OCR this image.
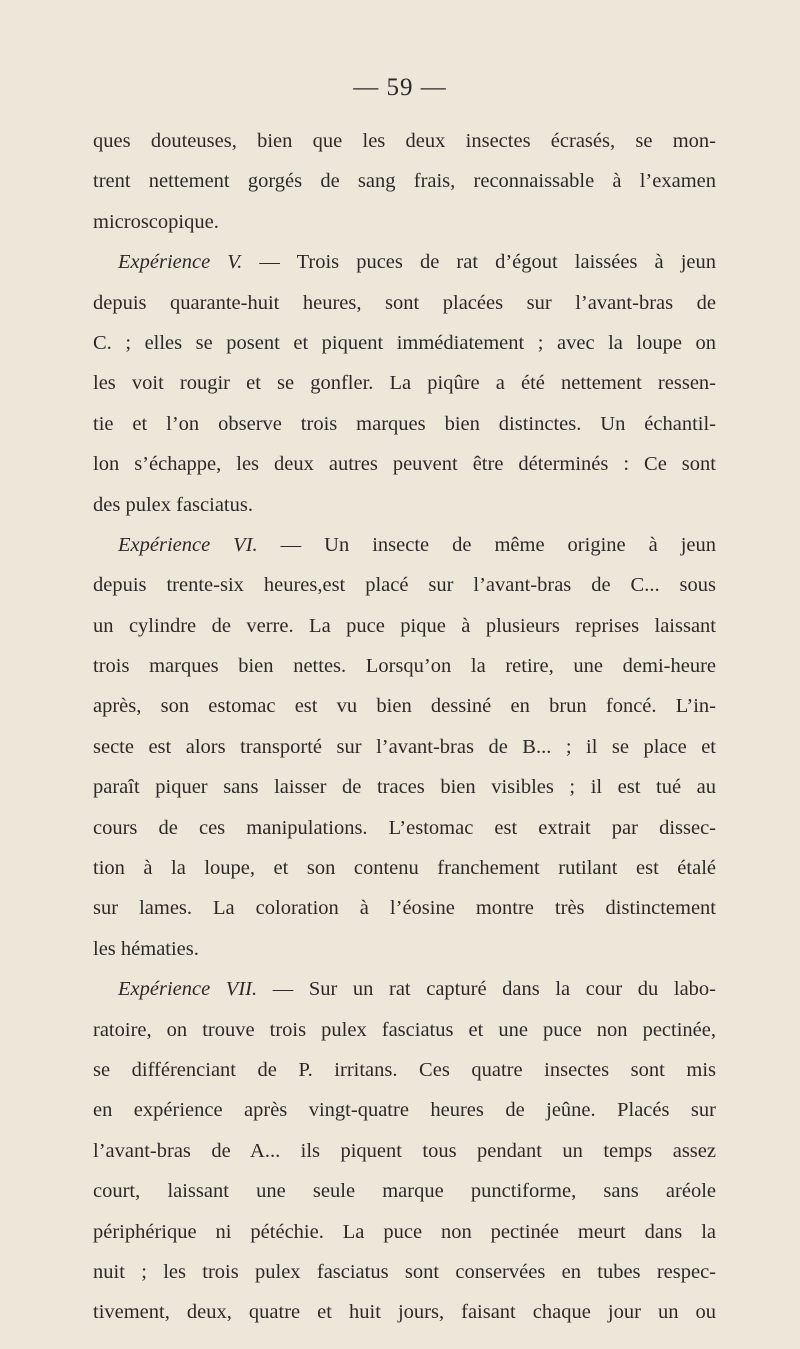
— 59 —
ques douteuses, bien que les deux insectes écrasés, se mon-
trent nettement gorgés de sang frais, reconnaissable à l’examen
microscopique.
Expérience V. — Trois puces de rat d’égout laissées à jeun
depuis quarante-huit heures, sont placées sur l’avant-bras de
C. ; elles se posent et piquent immédiatement ; avec la loupe on
les voit rougir et se gonfler. La piqûre a été nettement ressen-
tie et l’on observe trois marques bien distinctes. Un échantil-
lon s’échappe, les deux autres peuvent être déterminés : Ce sont
des pulex fasciatus.
Expérience VI. — Un insecte de même origine à jeun
depuis trente-six heures,est placé sur l’avant-bras de C... sous
un cylindre de verre. La puce pique à plusieurs reprises laissant
trois marques bien nettes. Lorsqu’on la retire, une demi-heure
après, son estomac est vu bien dessiné en brun foncé. L’in-
secte est alors transporté sur l’avant-bras de B... ; il se place et
paraît piquer sans laisser de traces bien visibles ; il est tué au
cours de ces manipulations. L’estomac est extrait par dissec-
tion à la loupe, et son contenu franchement rutilant est étalé
sur lames. La coloration à l’éosine montre très distinctement
les hématies.
Expérience VII. — Sur un rat capturé dans la cour du labo-
ratoire, on trouve trois pulex fasciatus et une puce non pectinée,
se différenciant de P. irritans. Ces quatre insectes sont mis
en expérience après vingt-quatre heures de jeûne. Placés sur
l’avant-bras de A... ils piquent tous pendant un temps assez
court, laissant une seule marque punctiforme, sans aréole
périphérique ni pétéchie. La puce non pectinée meurt dans la
nuit ; les trois pulex fasciatus sont conservées en tubes respec-
tivement, deux, quatre et huit jours, faisant chaque jour un ou
